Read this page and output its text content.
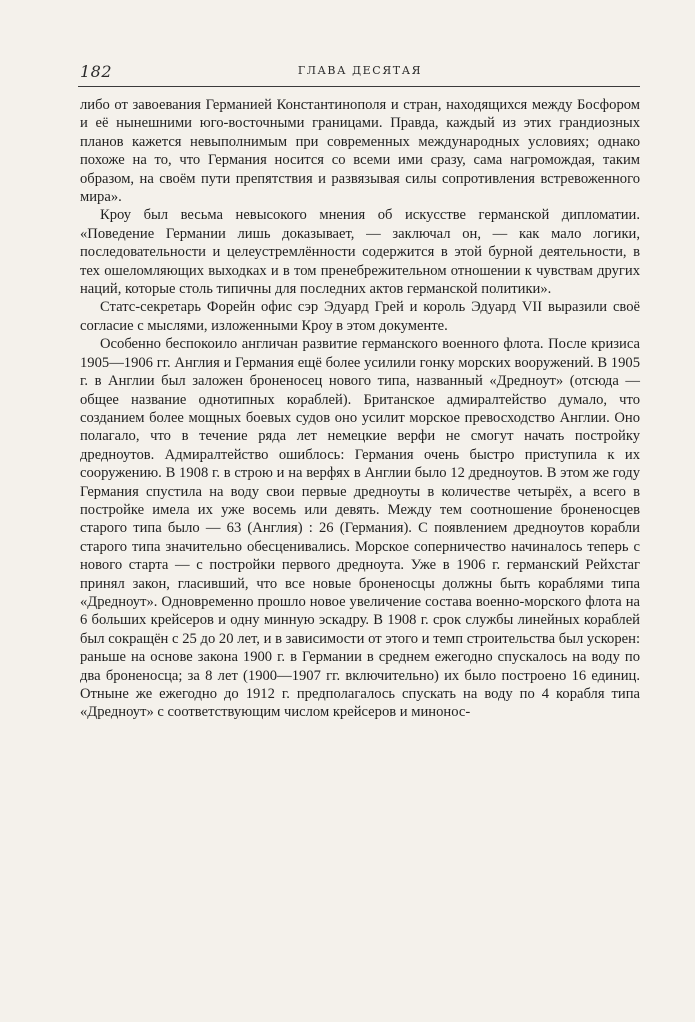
182	ГЛАВА ДЕСЯТАЯ

либо от завоевания Германией Константинополя и стран, находящихся между Босфором и её нынешними юго-восточными границами. Правда, каждый из этих грандиозных планов кажется невыполнимым при современных международных условиях; однако похоже на то, что Германия носится со всеми ими сразу, сама нагромождая, таким образом, на своём пути препятствия и развязывая силы сопротивления встревоженного мира».

Кроу был весьма невысокого мнения об искусстве германской дипломатии. «Поведение Германии лишь доказывает, — заключал он, — как мало логики, последовательности и целеустремлённости содержится в этой бурной деятельности, в тех ошеломляющих выходках и в том пренебрежительном отношении к чувствам других наций, которые столь типичны для последних актов германской политики».

Статс-секретарь Форейн офис сэр Эдуард Грей и король Эдуард VII выразили своё согласие с мыслями, изложенными Кроу в этом документе.

Особенно беспокоило англичан развитие германского военного флота. После кризиса 1905—1906 гг. Англия и Германия ещё более усилили гонку морских вооружений. В 1905 г. в Англии был заложен броненосец нового типа, названный «Дредноут» (отсюда — общее название однотипных кораблей). Британское адмиралтейство думало, что созданием более мощных боевых судов оно усилит морское превосходство Англии. Оно полагало, что в течение ряда лет немецкие верфи не смогут начать постройку дредноутов. Адмиралтейство ошиблось: Германия очень быстро приступила к их сооружению. В 1908 г. в строю и на верфях в Англии было 12 дредноутов. В этом же году Германия спустила на воду свои первые дредноуты в количестве четырёх, а всего в постройке имела их уже восемь или девять. Между тем соотношение броненосцев старого типа было — 63 (Англия) : 26 (Германия). С появлением дредноутов корабли старого типа значительно обесценивались. Морское соперничество начиналось теперь с нового старта — с постройки первого дредноута. Уже в 1906 г. германский Рейхстаг принял закон, гласивший, что все новые броненосцы должны быть кораблями типа «Дредноут». Одновременно прошло новое увеличение состава военно-морского флота на 6 больших крейсеров и одну минную эскадру. В 1908 г. срок службы линейных кораблей был сокращён с 25 до 20 лет, и в зависимости от этого и темп строительства был ускорен: раньше на основе закона 1900 г. в Германии в среднем ежегодно спускалось на воду по два броненосца; за 8 лет (1900—1907 гг. включительно) их было построено 16 единиц. Отныне же ежегодно до 1912 г. предполагалось спускать на воду по 4 корабля типа «Дредноут» с соответствующим числом крейсеров и минонос-
